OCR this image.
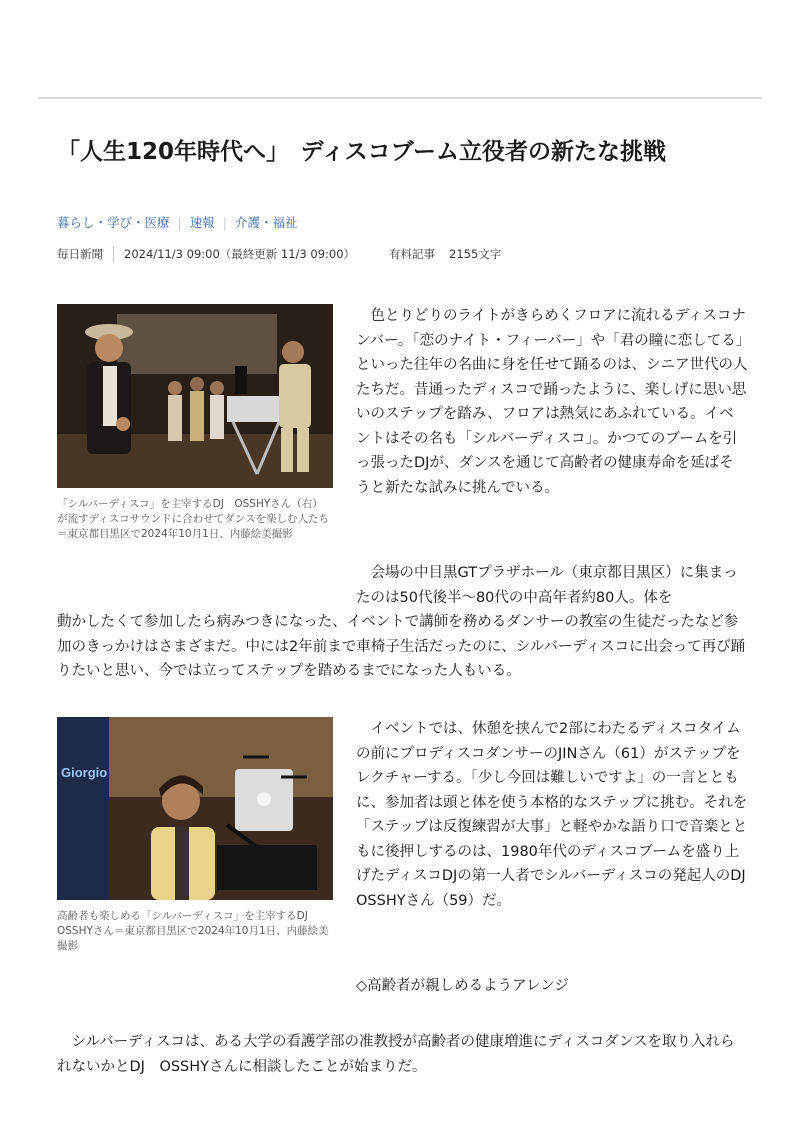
「人生120年時代へ」　ディスコブーム立役者の新たな挑戦
暮らし・学び・医療 | 速報 | 介護・福祉
毎日新聞 2024/11/3 09:00（最終更新 11/3 09:00）	有料記事 2155文字

「シルバーディスコ」を主宰するDJ　OSSHYさん（右）が流すディスコサウンドに合わせてダンスを楽しむ人たち＝東京都目黒区で2024年10月1日、内藤絵美撮影

色とりどりのライトがきらめくフロアに流れるディスコナンバー。「恋のナイト・フィーバー」や「君の瞳に恋してる」といった往年の名曲に身を任せて踊るのは、シニア世代の人たちだ。昔通ったディスコで踊ったように、楽しげに思い思いのステップを踏み、フロアは熱気にあふれている。イベントはその名も「シルバーディスコ」。かつてのブームを引っ張ったDJが、ダンスを通じて高齢者の健康寿命を延ばそうと新たな試みに挑んでいる。
会場の中目黒GTプラザホール（東京都目黒区）に集まったのは50代後半～80代の中高年者約80人。体を
動かしたくて参加したら病みつきになった、イベントで講師を務めるダンサーの教室の生徒だったなど参加のきっかけはさまざまだ。中には2年前まで車椅子生活だったのに、シルバーディスコに出会って再び踊りたいと思い、今では立ってステップを踏めるまでになった人もいる。
Giorgio

高齢者も楽しめる「シルバーディスコ」を主宰するDJ　OSSHYさん＝東京都目黒区で2024年10月1日、内藤絵美撮影

イベントでは、休憩を挟んで2部にわたるディスコタイムの前にプロディスコダンサーのJINさん（61）がステップをレクチャーする。「少し今回は難しいですよ」の一言とともに、参加者は頭と体を使う本格的なステップに挑む。それを「ステップは反復練習が大事」と軽やかな語り口で音楽とともに後押しするのは、1980年代のディスコブームを盛り上げたディスコDJの第一人者でシルバーディスコの発起人のDJ　OSSHYさん（59）だ。
◇高齢者が親しめるようアレンジ
シルバーディスコは、ある大学の看護学部の准教授が高齢者の健康増進にディスコダンスを取り入れられないかとDJ　OSSHYさんに相談したことが始まりだ。
